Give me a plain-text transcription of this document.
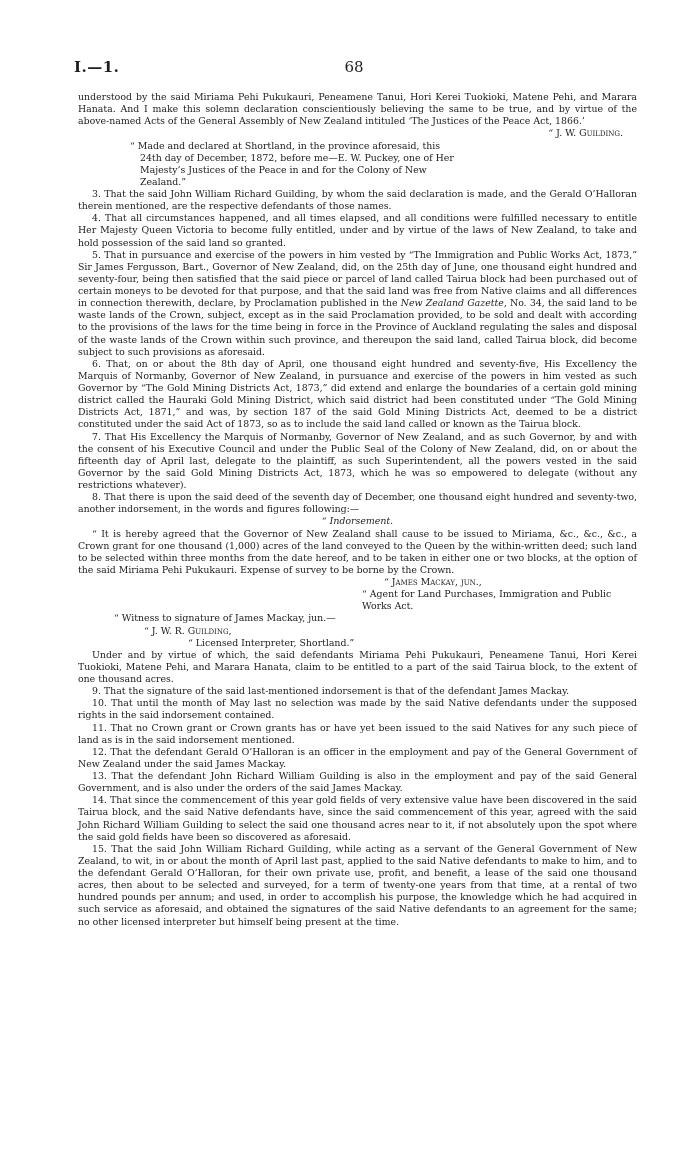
I.—1.	68

understood by the said Miriama Pehi Pukukauri, Peneamene Tanui, Hori Kerei Tuokioki, Matene Pehi, and Marara Hanata. And I make this solemn declaration conscientiously believing the same to be true, and by virtue of the above-named Acts of the General Assembly of New Zealand intituled ‘The Justices of the Peace Act, 1866.’

“ J. W. Guilding.

“ Made and declared at Shortland, in the province aforesaid, this 24th day of December, 1872, before me—E. W. Puckey, one of Her Majesty’s Justices of the Peace in and for the Colony of New Zealand.”

3. That the said John William Richard Guilding, by whom the said declaration is made, and the Gerald O’Halloran therein mentioned, are the respective defendants of those names.

4. That all circumstances happened, and all times elapsed, and all conditions were fulfilled necessary to entitle Her Majesty Queen Victoria to become fully entitled, under and by virtue of the laws of New Zealand, to take and hold possession of the said land so granted.

5. That in pursuance and exercise of the powers in him vested by “The Immigration and Public Works Act, 1873,” Sir James Fergusson, Bart., Governor of New Zealand, did, on the 25th day of June, one thousand eight hundred and seventy-four, being then satisfied that the said piece or parcel of land called Tairua block had been purchased out of certain moneys to be devoted for that purpose, and that the said land was free from Native claims and all differences in connection therewith, declare, by Proclamation published in the New Zealand Gazette, No. 34, the said land to be waste lands of the Crown, subject, except as in the said Proclamation provided, to be sold and dealt with according to the provisions of the laws for the time being in force in the Province of Auckland regulating the sales and disposal of the waste lands of the Crown within such province, and thereupon the said land, called Tairua block, did become subject to such provisions as aforesaid.

6. That, on or about the 8th day of April, one thousand eight hundred and seventy-five, His Excellency the Marquis of Normanby, Governor of New Zealand, in pursuance and exercise of the powers in him vested as such Governor by “The Gold Mining Districts Act, 1873,” did extend and enlarge the boundaries of a certain gold mining district called the Hauraki Gold Mining District, which said district had been constituted under “The Gold Mining Districts Act, 1871,” and was, by section 187 of the said Gold Mining Districts Act, deemed to be a district constituted under the said Act of 1873, so as to include the said land called or known as the Tairua block.

7. That His Excellency the Marquis of Normanby, Governor of New Zealand, and as such Governor, by and with the consent of his Executive Council and under the Public Seal of the Colony of New Zealand, did, on or about the fifteenth day of April last, delegate to the plaintiff, as such Superintendent, all the powers vested in the said Governor by the said Gold Mining Districts Act, 1873, which he was so empowered to delegate (without any restrictions whatever).

8. That there is upon the said deed of the seventh day of December, one thousand eight hundred and seventy-two, another indorsement, in the words and figures following:—

“ Indorsement.

“ It is hereby agreed that the Governor of New Zealand shall cause to be issued to Miriama, &c., &c., &c., a Crown grant for one thousand (1,000) acres of the land conveyed to the Queen by the within-written deed; such land to be selected within three months from the date hereof, and to be taken in either one or two blocks, at the option of the said Miriama Pehi Pukukauri. Expense of survey to be borne by the Crown.

“ James Mackay, jun.,

“ Agent for Land Purchases, Immigration and Public Works Act.

“ Witness to signature of James Mackay, jun.—

“ J. W. R. Guilding,

“ Licensed Interpreter, Shortland.”

Under and by virtue of which, the said defendants Miriama Pehi Pukukauri, Peneamene Tanui, Hori Kerei Tuokioki, Matene Pehi, and Marara Hanata, claim to be entitled to a part of the said Tairua block, to the extent of one thousand acres.

9. That the signature of the said last-mentioned indorsement is that of the defendant James Mackay.

10. That until the month of May last no selection was made by the said Native defendants under the supposed rights in the said indorsement contained.

11. That no Crown grant or Crown grants has or have yet been issued to the said Natives for any such piece of land as is in the said indorsement mentioned.

12. That the defendant Gerald O’Halloran is an officer in the employment and pay of the General Government of New Zealand under the said James Mackay.

13. That the defendant John Richard William Guilding is also in the employment and pay of the said General Government, and is also under the orders of the said James Mackay.

14. That since the commencement of this year gold fields of very extensive value have been discovered in the said Tairua block, and the said Native defendants have, since the said commencement of this year, agreed with the said John Richard William Guilding to select the said one thousand acres near to it, if not absolutely upon the spot where the said gold fields have been so discovered as aforesaid.

15. That the said John William Richard Guilding, while acting as a servant of the General Government of New Zealand, to wit, in or about the month of April last past, applied to the said Native defendants to make to him, and to the defendant Gerald O’Halloran, for their own private use, profit, and benefit, a lease of the said one thousand acres, then about to be selected and surveyed, for a term of twenty-one years from that time, at a rental of two hundred pounds per annum; and used, in order to accomplish his purpose, the knowledge which he had acquired in such service as aforesaid, and obtained the signatures of the said Native defendants to an agreement for the same; no other licensed interpreter but himself being present at the time.
